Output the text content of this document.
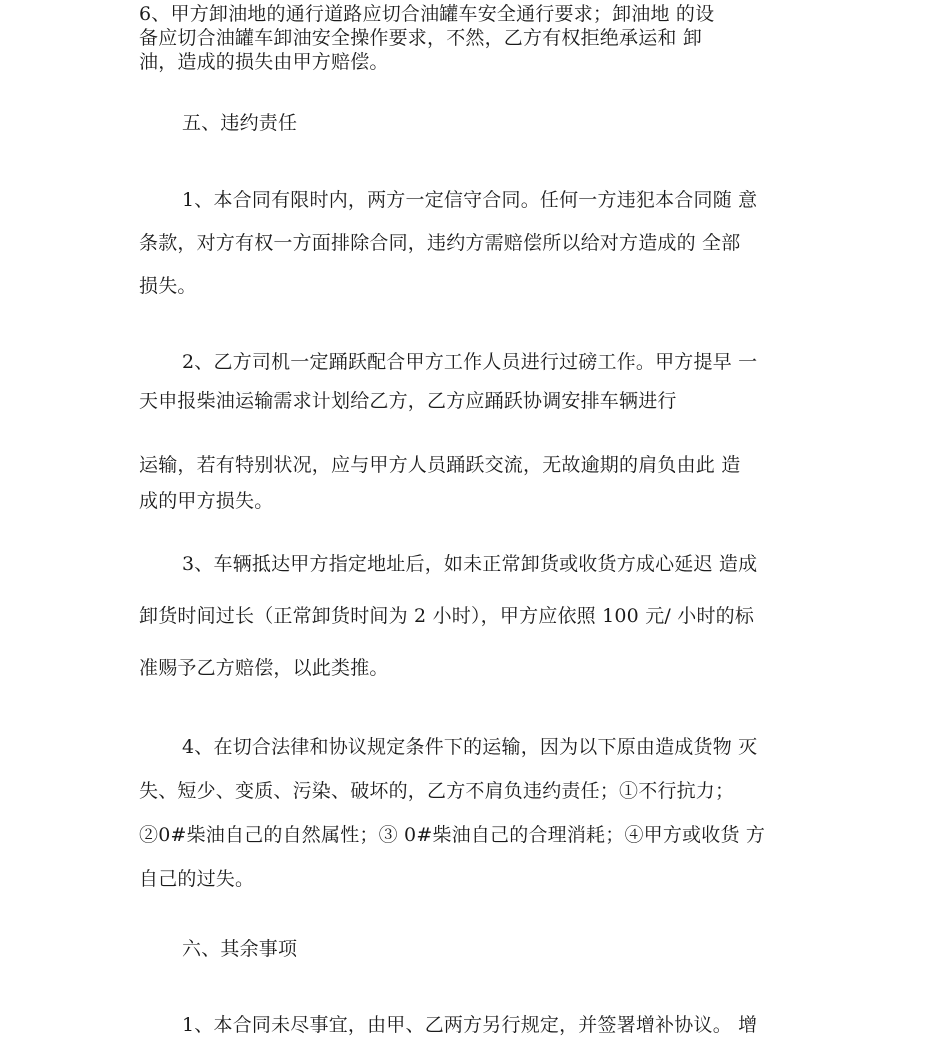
6、甲方卸油地的通行道路应切合油罐车安全通行要求；卸油地 的设
备应切合油罐车卸油安全操作要求，不然，乙方有权拒绝承运和 卸
油，造成的损失由甲方赔偿。
五、违约责任
1、本合同有限时内，两方一定信守合同。任何一方违犯本合同随 意
条款，对方有权一方面排除合同，违约方需赔偿所以给对方造成的 全部
损失。
2、乙方司机一定踊跃配合甲方工作人员进行过磅工作。甲方提早 一
天申报柴油运输需求计划给乙方，乙方应踊跃协调安排车辆进行
运输，若有特别状况，应与甲方人员踊跃交流，无故逾期的肩负由此 造
成的甲方损失。
3、车辆抵达甲方指定地址后，如未正常卸货或收货方成心延迟 造成
卸货时间过长（正常卸货时间为 2 小时），甲方应依照 100 元/ 小时的标
准赐予乙方赔偿，以此类推。
4、在切合法律和协议规定条件下的运输，因为以下原由造成货物 灭
失、短少、变质、污染、破坏的，乙方不肩负违约责任；①不行抗力；
②0#柴油自己的自然属性；③ 0#柴油自己的合理消耗；④甲方或收货 方
自己的过失。
六、其余事项
1、本合同未尽事宜，由甲、乙两方另行规定，并签署增补协议。 增
